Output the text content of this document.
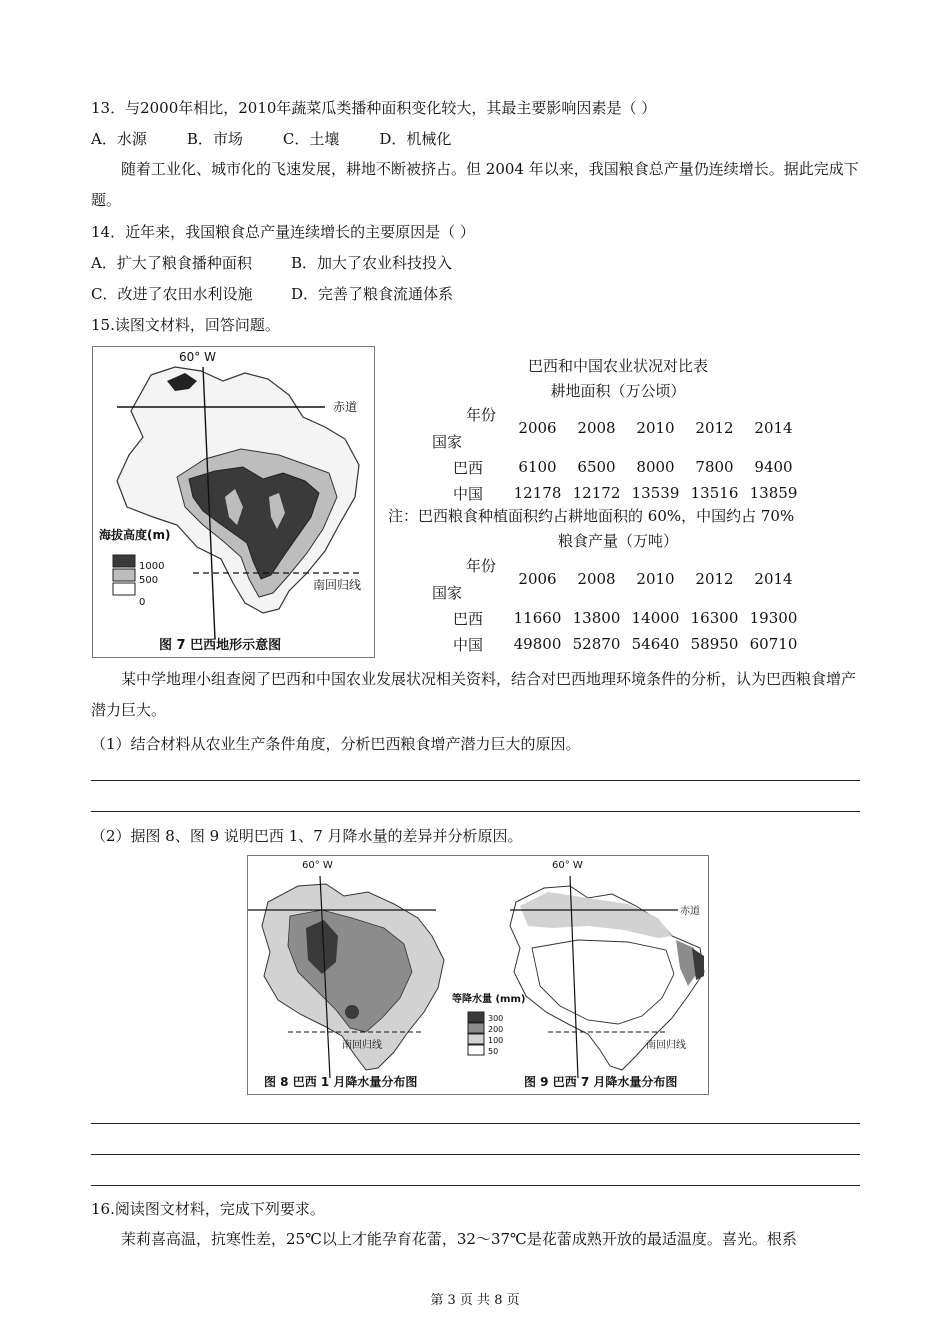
13．与2000年相比，2010年蔬菜瓜类播种面积变化较大，其最主要影响因素是（ ）
A．水源	B．市场	C．土壤	D．机械化
随着工业化、城市化的飞速发展，耕地不断被挤占。但 2004 年以来，我国粮食总产量仍连续增长。据此完成下题。
14．近年来，我国粮食总产量连续增长的主要原因是（ ）
A．扩大了粮食播种面积	B．加大了农业科技投入
C．改进了农田水利设施	D．完善了粮食流通体系
15.读图文材料，回答问题。
60° W
赤道
南回归线
海拔高度(m)
1000
500
0
图 7 巴西地形示意图
巴西和中国农业状况对比表
耕地面积（万公顷）
年份
国家	2006	2008	2010	2012	2014
巴西	6100	6500	8000	7800	9400
中国	12178	12172	13539	13516	13859
注：巴西粮食种植面积约占耕地面积的 60%，中国约占 70%
粮食产量（万吨）
年份
国家	2006	2008	2010	2012	2014
巴西	11660	13800	14000	16300	19300
中国	49800	52870	54640	58950	60710
某中学地理小组查阅了巴西和中国农业发展状况相关资料，结合对巴西地理环境条件的分析，认为巴西粮食增产潜力巨大。
（1）结合材料从农业生产条件角度，分析巴西粮食增产潜力巨大的原因。
（2）据图 8、图 9 说明巴西 1、7 月降水量的差异并分析原因。
60° W
南回归线
图 8 巴西 1 月降水量分布图
等降水量 (mm)
300
200
100
50
60° W
赤道
南回归线
图 9 巴西 7 月降水量分布图
16.阅读图文材料，完成下列要求。
茉莉喜高温，抗寒性差，25℃以上才能孕育花蕾，32～37℃是花蕾成熟开放的最适温度。喜光。根系
第 3 页 共 8 页
